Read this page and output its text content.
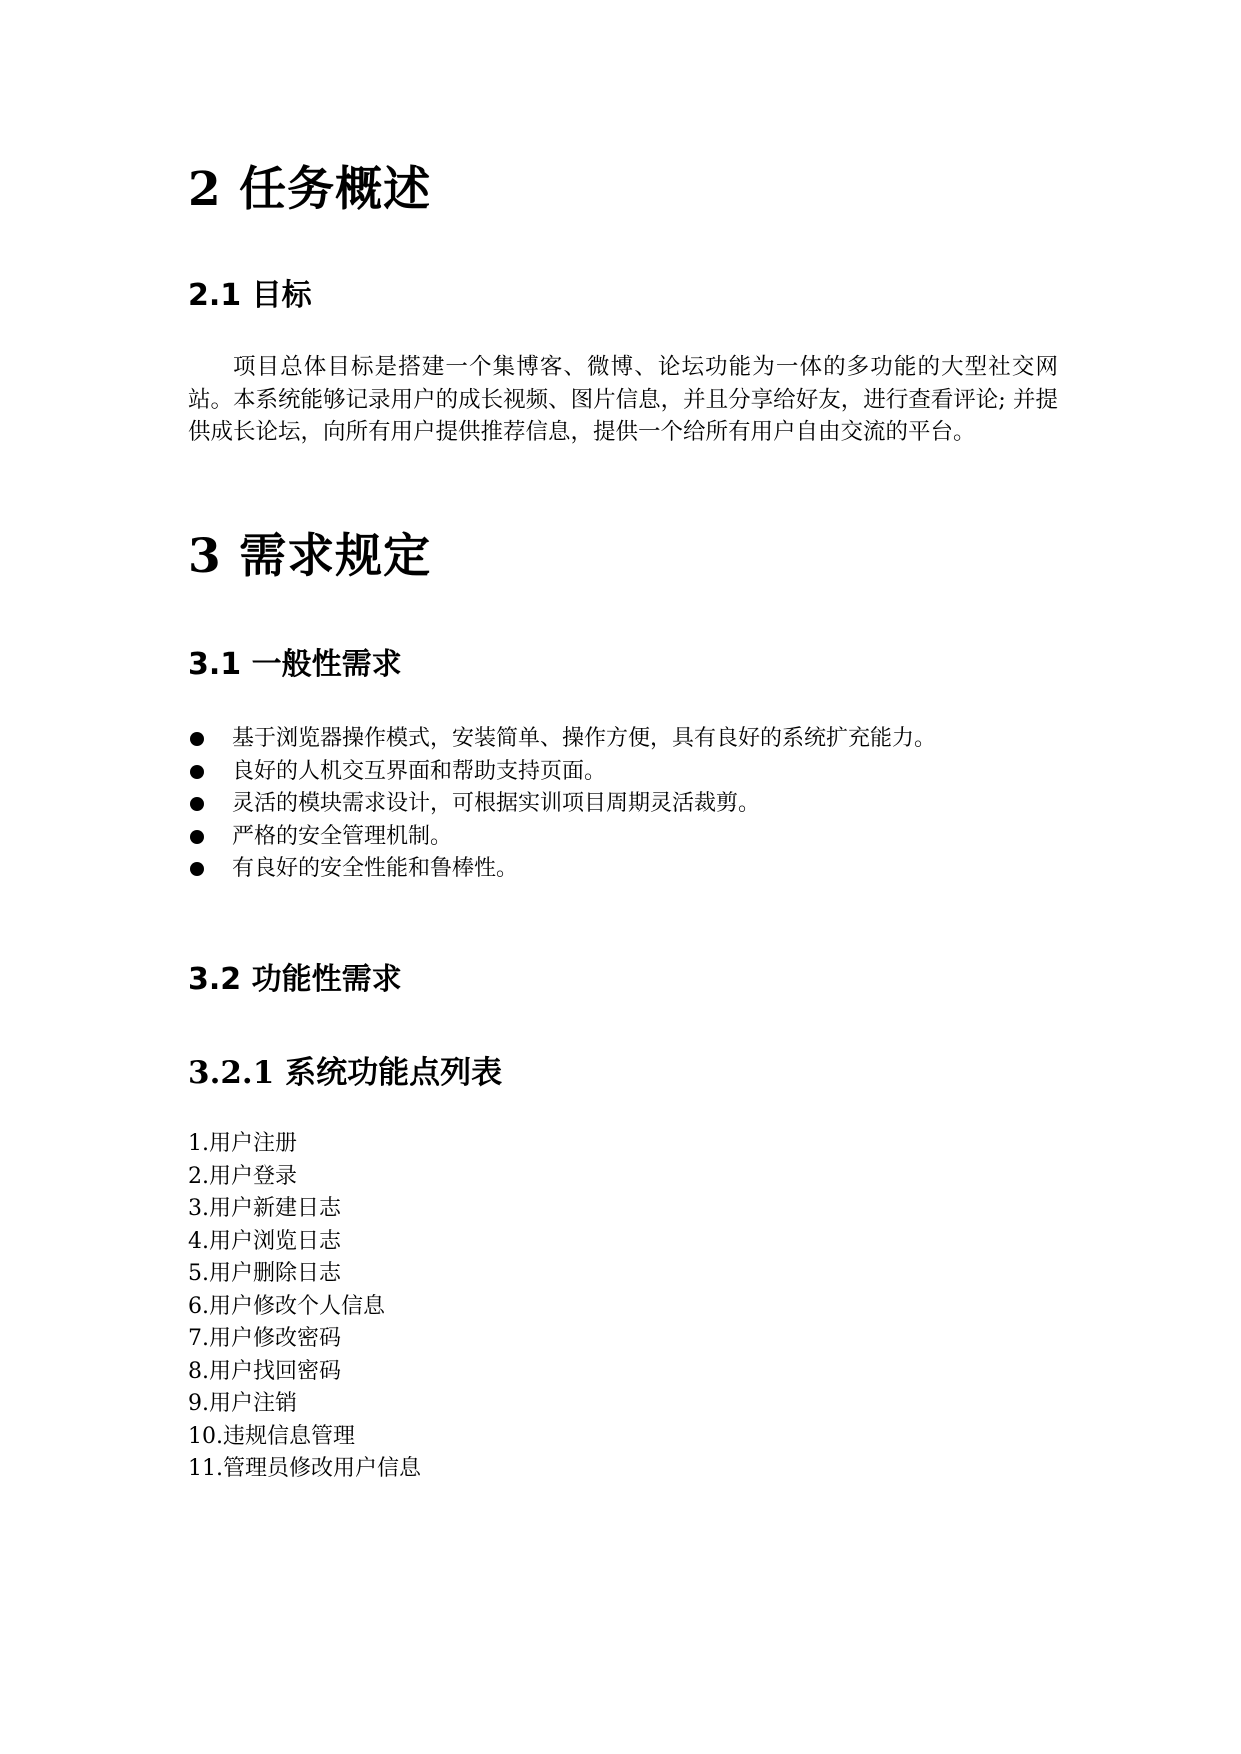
2 任务概述
2.1 目标

项目总体目标是搭建一个集博客、微博、论坛功能为一体的多功能的大型社交网站。本系统能够记录用户的成长视频、图片信息，并且分享给好友，进行查看评论; 并提供成长论坛，向所有用户提供推荐信息，提供一个给所有用户自由交流的平台。

3 需求规定
3.1 一般性需求
基于浏览器操作模式，安装简单、操作方便，具有良好的系统扩充能力。
良好的人机交互界面和帮助支持页面。
灵活的模块需求设计，可根据实训项目周期灵活裁剪。
严格的安全管理机制。
有良好的安全性能和鲁棒性。
3.2 功能性需求
3.2.1 系统功能点列表
1.用户注册
2.用户登录
3.用户新建日志
4.用户浏览日志
5.用户删除日志
6.用户修改个人信息
7.用户修改密码
8.用户找回密码
9.用户注销
10.违规信息管理
11.管理员修改用户信息
